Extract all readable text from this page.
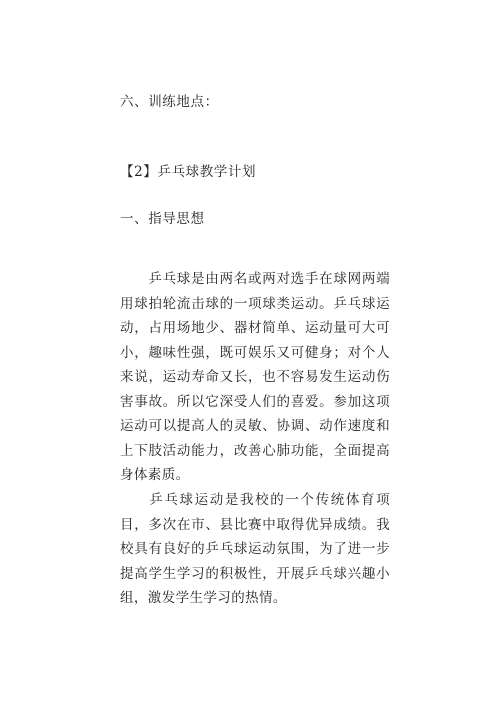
六、训练地点：
【2】乒乓球教学计划
一、指导思想
乒乓球是由两名或两对选手在球网两端用球拍轮流击球的一项球类运动。乒乓球运动，占用场地少、器材简单、运动量可大可小，趣味性强，既可娱乐又可健身；对个人来说，运动寿命又长，也不容易发生运动伤害事故。所以它深受人们的喜爱。参加这项运动可以提高人的灵敏、协调、动作速度和上下肢活动能力，改善心肺功能，全面提高身体素质。
乒乓球运动是我校的一个传统体育项目，多次在市、县比赛中取得优异成绩。我校具有良好的乒乓球运动氛围，为了进一步提高学生学习的积极性，开展乒乓球兴趣小组，激发学生学习的热情。
